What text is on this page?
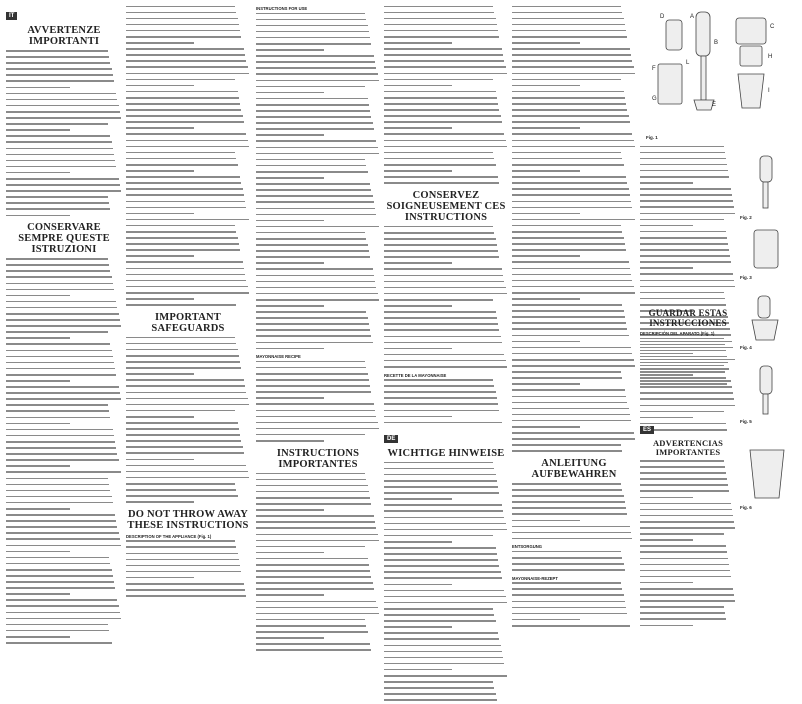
IT
AVVERTENZE IMPORTANTI
CONSERVARE SEMPRE QUESTE ISTRUZIONI
IMPORTANT SAFEGUARDS
DO NOT THROW AWAY THESE INSTRUCTIONS
DESCRIPTION OF THE APPLIANCE (Fig. 1)
INSTRUCTIONS FOR USE
MAYONNAISE RECIPE
INSTRUCTIONS IMPORTANTES
CONSERVEZ SOIGNEUSEMENT CES INSTRUCTIONS
RECETTE DE LA MAYONNAISE
DE
WICHTIGE HINWEISE
ANLEITUNG AUFBEWAHREN
ENTSORGUNG
MAYONNAISE-REZEPT
A
B
C
D
E
F
G
H
I
L
Fig. 1
Fig. 2
Fig. 3
Fig. 4
GUARDAR ESTAS INSTRUCCIONES
DESCRIPCIÓN DEL APARATO (Fig. 1)
Fig. 5
ES
ADVERTENCIAS IMPORTANTES
Fig. 6
